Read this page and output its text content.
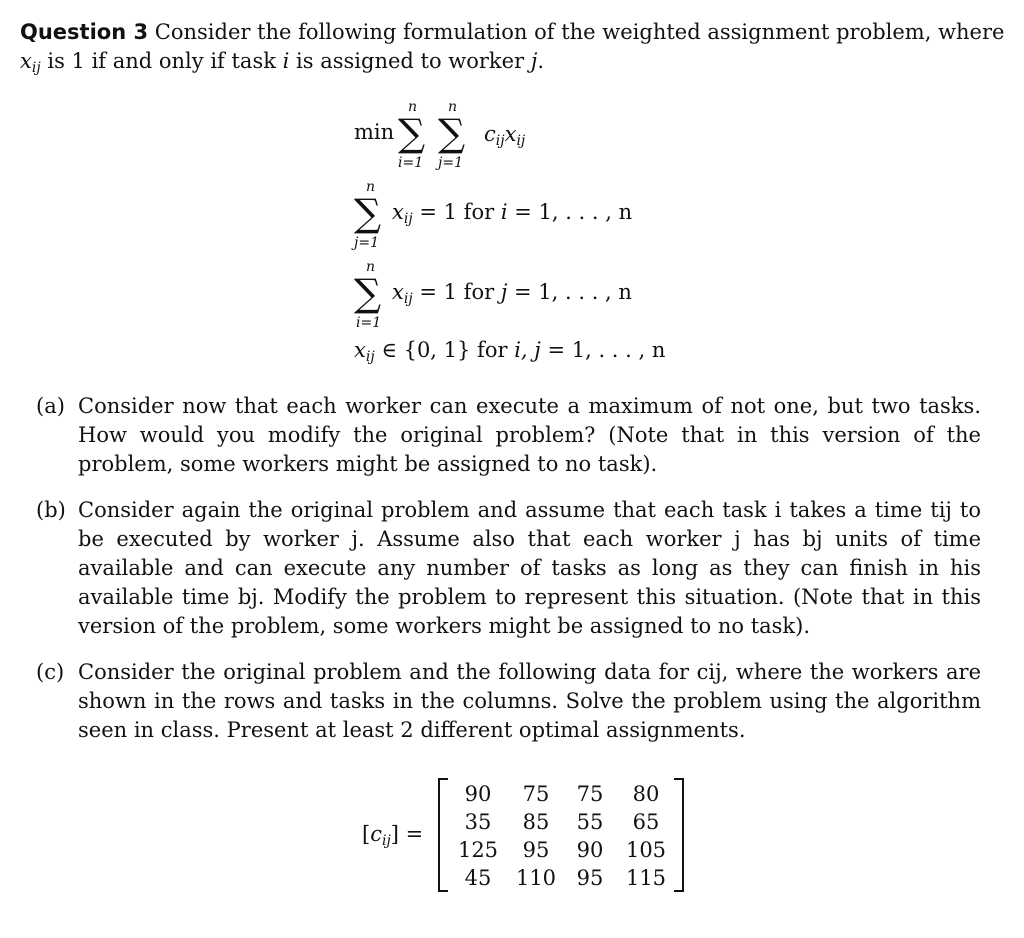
Question 3 Consider the following formulation of the weighted assignment problem, where $x_{ij}$ is 1 if and only if task i is assigned to worker j.
min
n
∑
i=1
n
∑
j=1
$c_{ij}x_{ij}$
n
∑
j=1
$x_{ij} = 1$ for i = 1, . . . , n
n
∑
i=1
$x_{ij} = 1$ for j = 1, . . . , n
$x_{ij}$ ∈ {0, 1} for i, j = 1, . . . , n
(a) Consider now that each worker can execute a maximum of not one, but two tasks. How would you modify the original problem? (Note that in this version of the problem, some workers might be assigned to no task).
(b) Consider again the original problem and assume that each task i takes a time tij to be executed by worker j. Assume also that each worker j has bj units of time available and can execute any number of tasks as long as they can finish in his available time bj. Modify the problem to represent this situation. (Note that in this version of the problem, some workers might be assigned to no task).
(c) Consider the original problem and the following data for cij, where the workers are shown in the rows and tasks in the columns. Solve the problem using the algorithm seen in class. Present at least 2 different optimal assignments.
$[c_{ij}]$ =
90	75	75	80
35	85	55	65
125	95	90	105
45	110 95	115
